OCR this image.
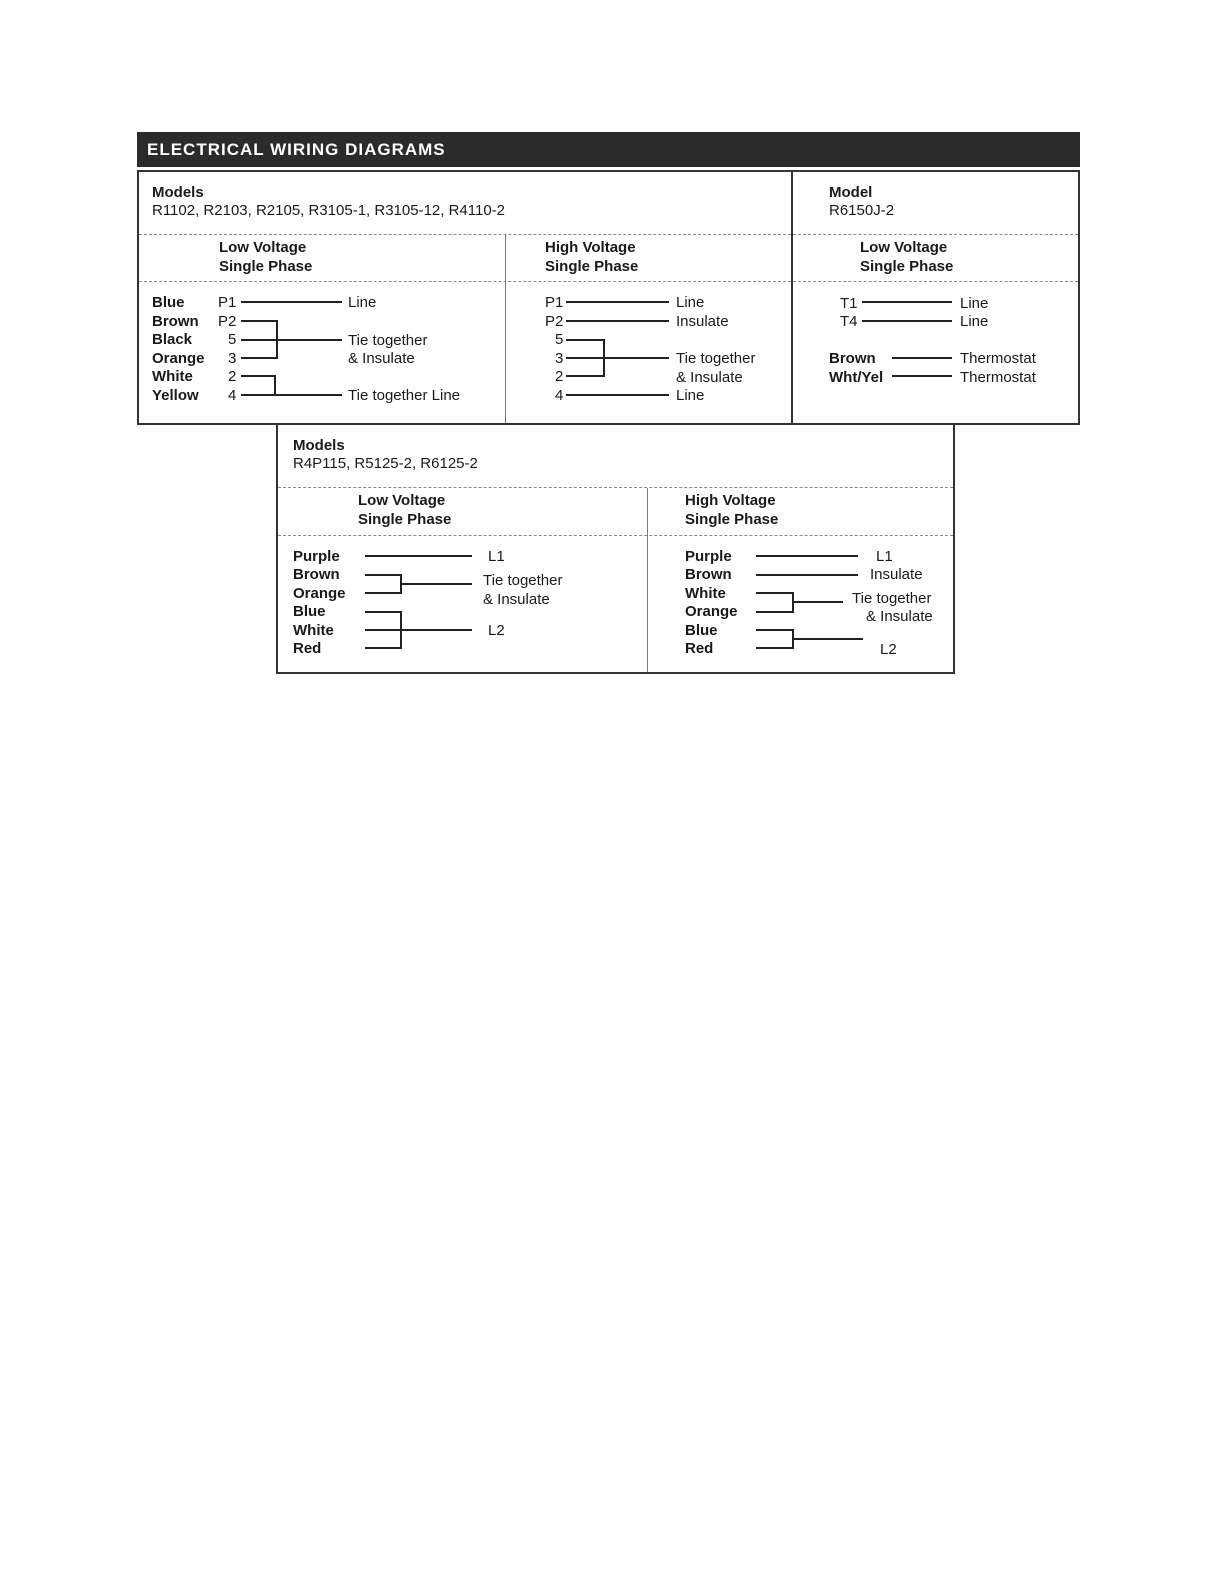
ELECTRICAL WIRING DIAGRAMS
Models
R1102, R2103, R2105, R3105-1, R3105-12, R4110-2
Low Voltage
Single Phase
High Voltage
Single Phase
Blue
Brown
Black
Orange
White
Yellow
P1
P2
5
3
2
4
Line
Tie together
& Insulate
Tie together Line
P1
P2
5
3
2
4
Line
Insulate
Tie together
& Insulate
Line
Model
R6150J-2
Low Voltage
Single Phase
T1
T4
Brown
Wht/Yel
Line
Line
Thermostat
Thermostat
Models
R4P115, R5125-2, R6125-2
Low Voltage
Single Phase
High Voltage
Single Phase
Purple
Brown
Orange
Blue
White
Red
L1
Tie together
& Insulate
L2
Purple
Brown
White
Orange
Blue
Red
L1
Insulate
Tie together
& Insulate
L2
